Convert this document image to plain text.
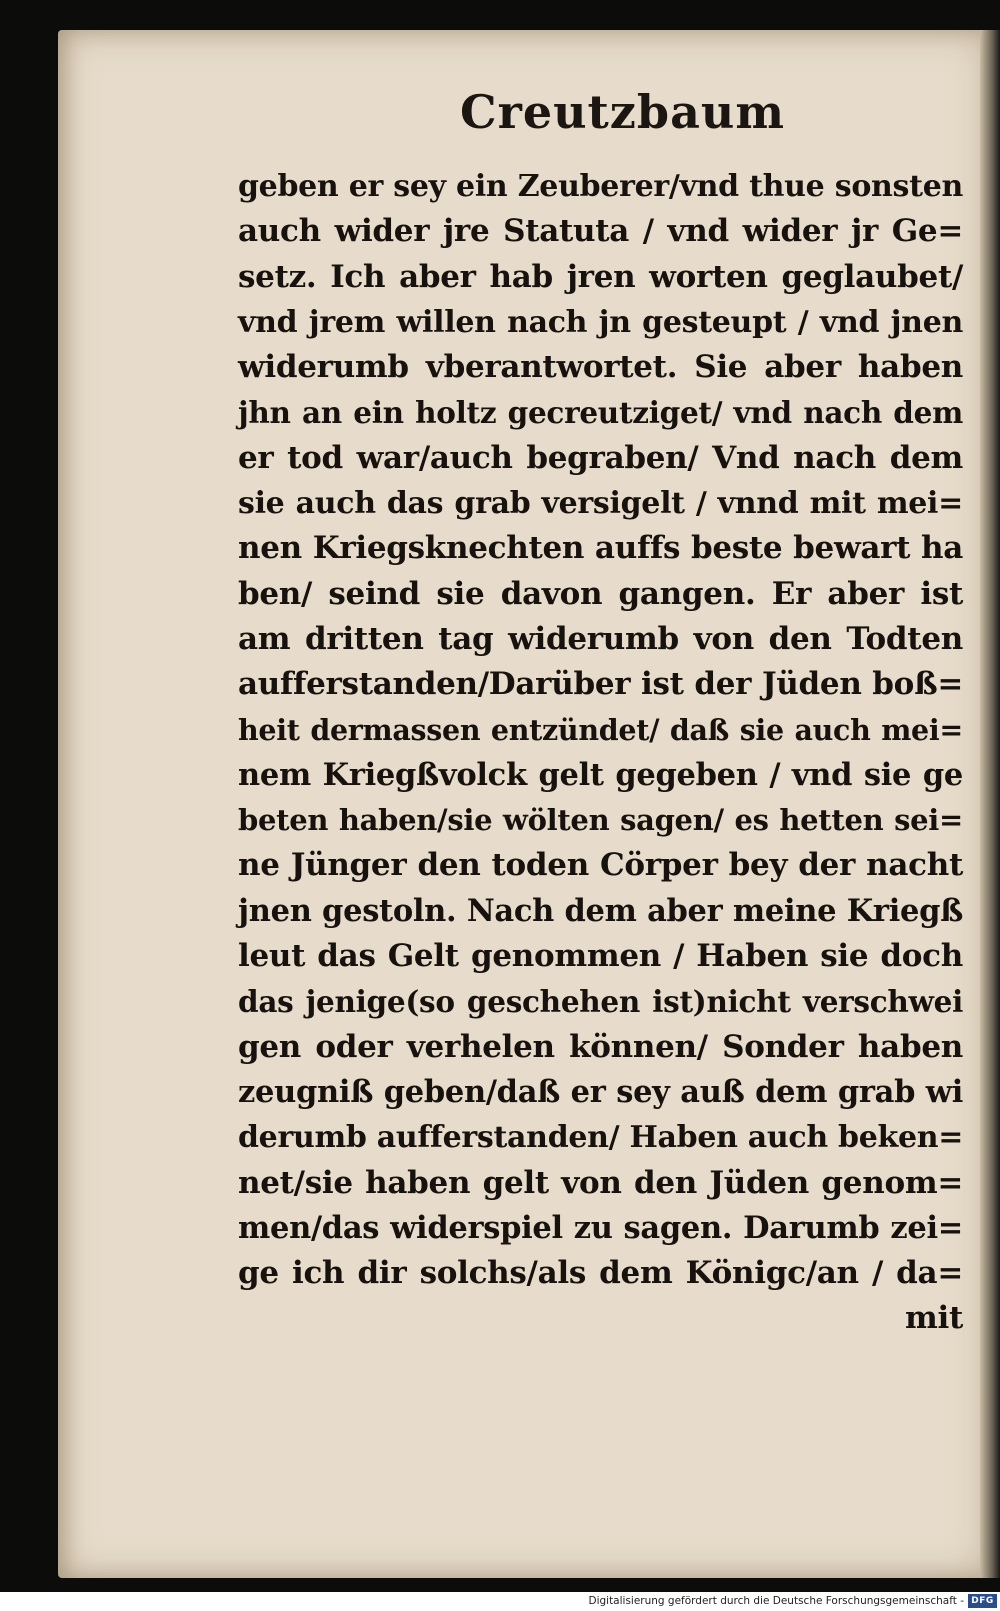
Creutzbaum
geben er sey ein Zeuberer/vnd thue sonsten
auch wider jre Statuta / vnd wider jr Ge=
setz. Ich aber hab jren worten geglaubet/
vnd jrem willen nach jn gesteupt / vnd jnen
widerumb vberantwortet. Sie aber haben
jhn an ein holtz gecreutziget/ vnd nach dem
er tod war/auch begraben/ Vnd nach dem
sie auch das grab versigelt / vnnd mit mei=
nen Kriegsknechten auffs beste bewart ha
ben/ seind sie davon gangen. Er aber ist
am dritten tag widerumb von den Todten
aufferstanden/Darüber ist der Jüden boß=
heit dermassen entzündet/ daß sie auch mei=
nem Kriegßvolck gelt gegeben / vnd sie ge
beten haben/sie wölten sagen/ es hetten sei=
ne Jünger den toden Cörper bey der nacht
jnen gestoln. Nach dem aber meine Kriegß
leut das Gelt genommen / Haben sie doch
das jenige(so geschehen ist)nicht verschwei
gen oder verhelen können/ Sonder haben
zeugniß geben/daß er sey auß dem grab wi
derumb aufferstanden/ Haben auch beken=
net/sie haben gelt von den Jüden genom=
men/das widerspiel zu sagen. Darumb zei=
ge ich dir solchs/als dem Königc/an / da=
mit
Digitalisierung gefördert durch die Deutsche Forschungsgemeinschaft - DFG
